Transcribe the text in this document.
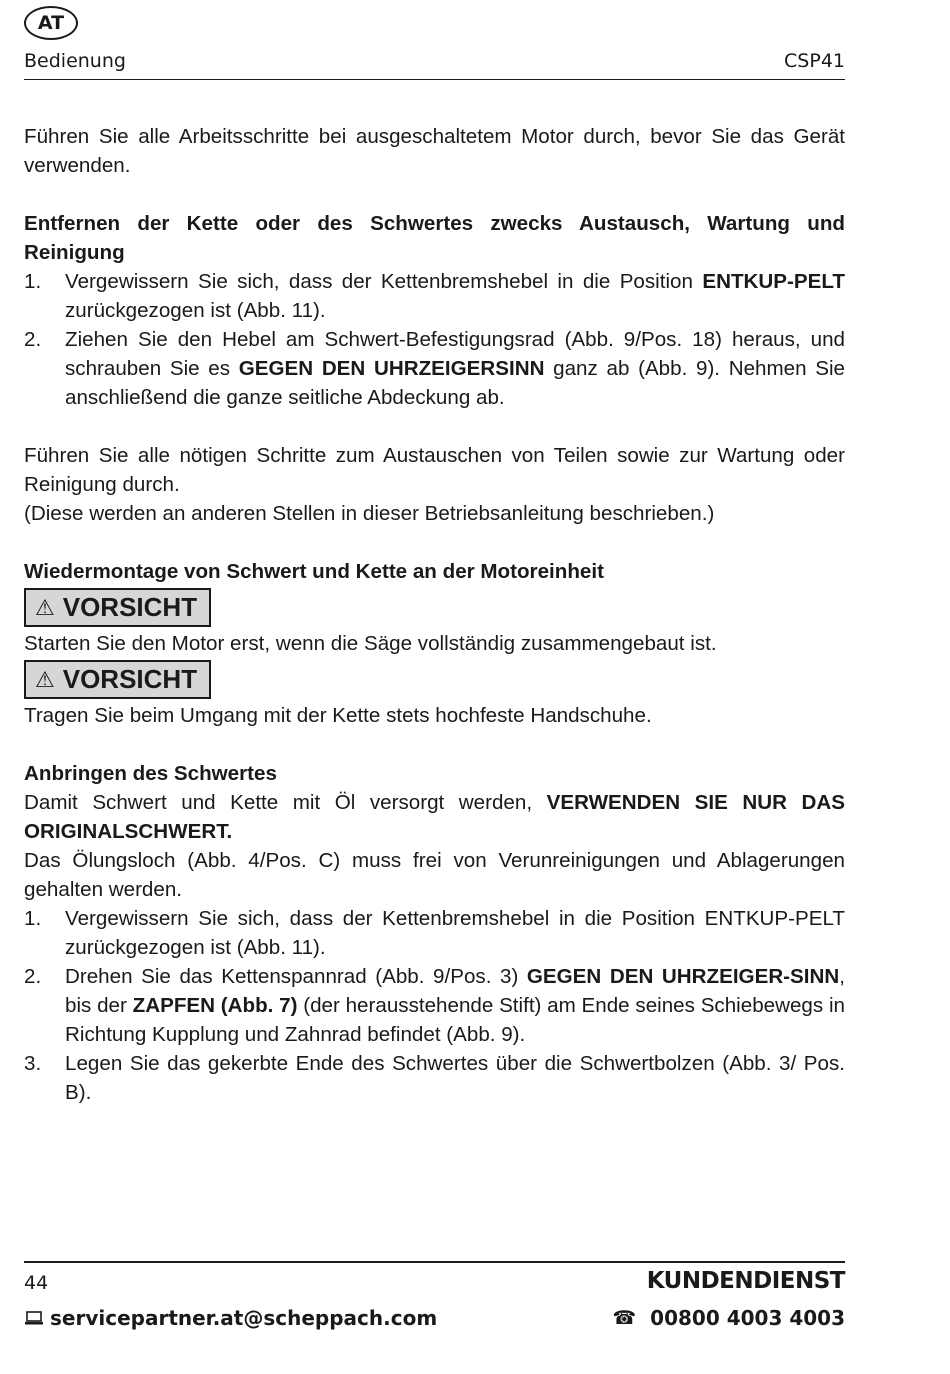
AT
Bedienung	CSP41

Führen Sie alle Arbeitsschritte bei ausgeschaltetem Motor durch, bevor Sie das Gerät verwenden.

Entfernen der Kette oder des Schwertes zwecks Austausch, Wartung und Reinigung

1. Vergewissern Sie sich, dass der Kettenbremshebel in die Position ENTKUP-PELT zurückgezogen ist (Abb. 11).
2. Ziehen Sie den Hebel am Schwert-Befestigungsrad (Abb. 9/Pos. 18) heraus, und schrauben Sie es GEGEN DEN UHRZEIGERSINN ganz ab (Abb. 9). Nehmen Sie anschließend die ganze seitliche Abdeckung ab.

Führen Sie alle nötigen Schritte zum Austauschen von Teilen sowie zur Wartung oder Reinigung durch.

(Diese werden an anderen Stellen in dieser Betriebsanleitung beschrieben.)

Wiedermontage von Schwert und Kette an der Motoreinheit

⚠ VORSICHT

Starten Sie den Motor erst, wenn die Säge vollständig zusammengebaut ist.

⚠ VORSICHT

Tragen Sie beim Umgang mit der Kette stets hochfeste Handschuhe.

Anbringen des Schwertes

Damit Schwert und Kette mit Öl versorgt werden, VERWENDEN SIE NUR DAS ORIGINALSCHWERT.

Das Ölungsloch (Abb. 4/Pos. C) muss frei von Verunreinigungen und Ablagerungen gehalten werden.

1. Vergewissern Sie sich, dass der Kettenbremshebel in die Position ENTKUP-PELT zurückgezogen ist (Abb. 11).
2. Drehen Sie das Kettenspannrad (Abb. 9/Pos. 3) GEGEN DEN UHRZEIGER-SINN, bis der ZAPFEN (Abb. 7) (der herausstehende Stift) am Ende seines Schiebewegs in Richtung Kupplung und Zahnrad befindet (Abb. 9).
3. Legen Sie das gekerbte Ende des Schwertes über die Schwertbolzen (Abb. 3/ Pos. B).
44	KUNDENDIENST
servicepartner.at@scheppach.com	☎ 00800 4003 4003
